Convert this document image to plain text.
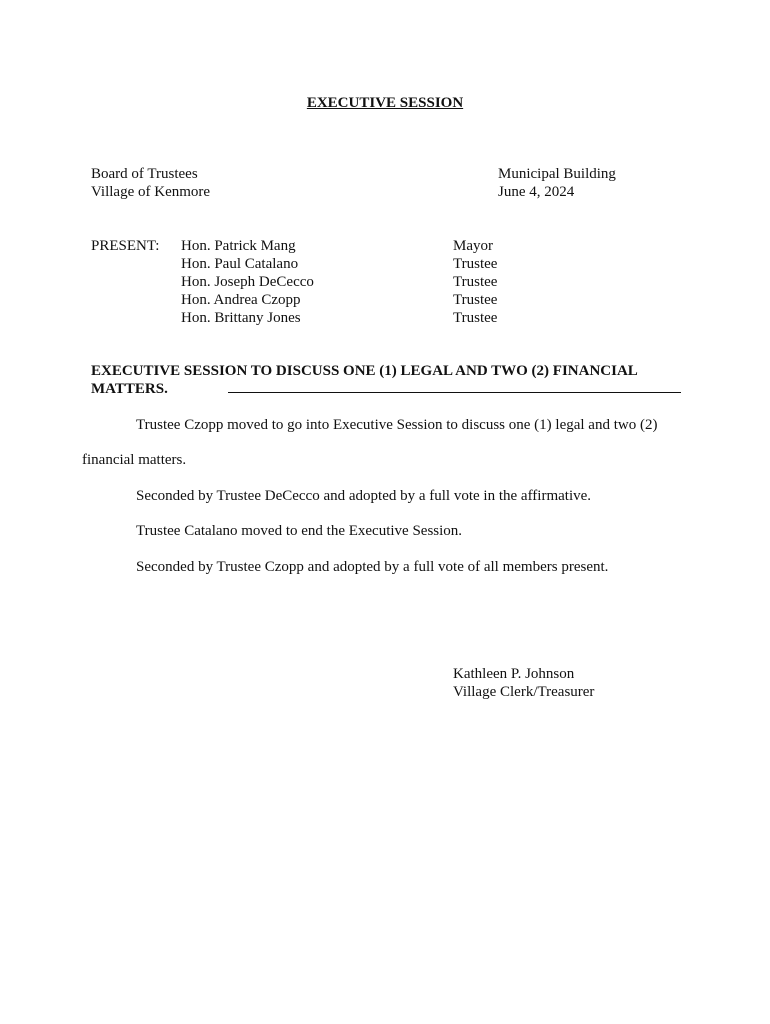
EXECUTIVE SESSION
Board of Trustees
Village of Kenmore
Municipal Building
June 4, 2024
PRESENT: Hon. Patrick Mang
Hon. Paul Catalano
Hon. Joseph DeCecco
Hon. Andrea Czopp
Hon. Brittany Jones
Mayor
Trustee
Trustee
Trustee
Trustee
EXECUTIVE SESSION TO DISCUSS ONE (1) LEGAL AND TWO (2) FINANCIAL
MATTERS.
Trustee Czopp moved to go into Executive Session to discuss one (1) legal and two (2)
financial matters.
Seconded by Trustee DeCecco and adopted by a full vote in the affirmative.
Trustee Catalano moved to end the Executive Session.
Seconded by Trustee Czopp and adopted by a full vote of all members present.
Kathleen P. Johnson
Village Clerk/Treasurer
